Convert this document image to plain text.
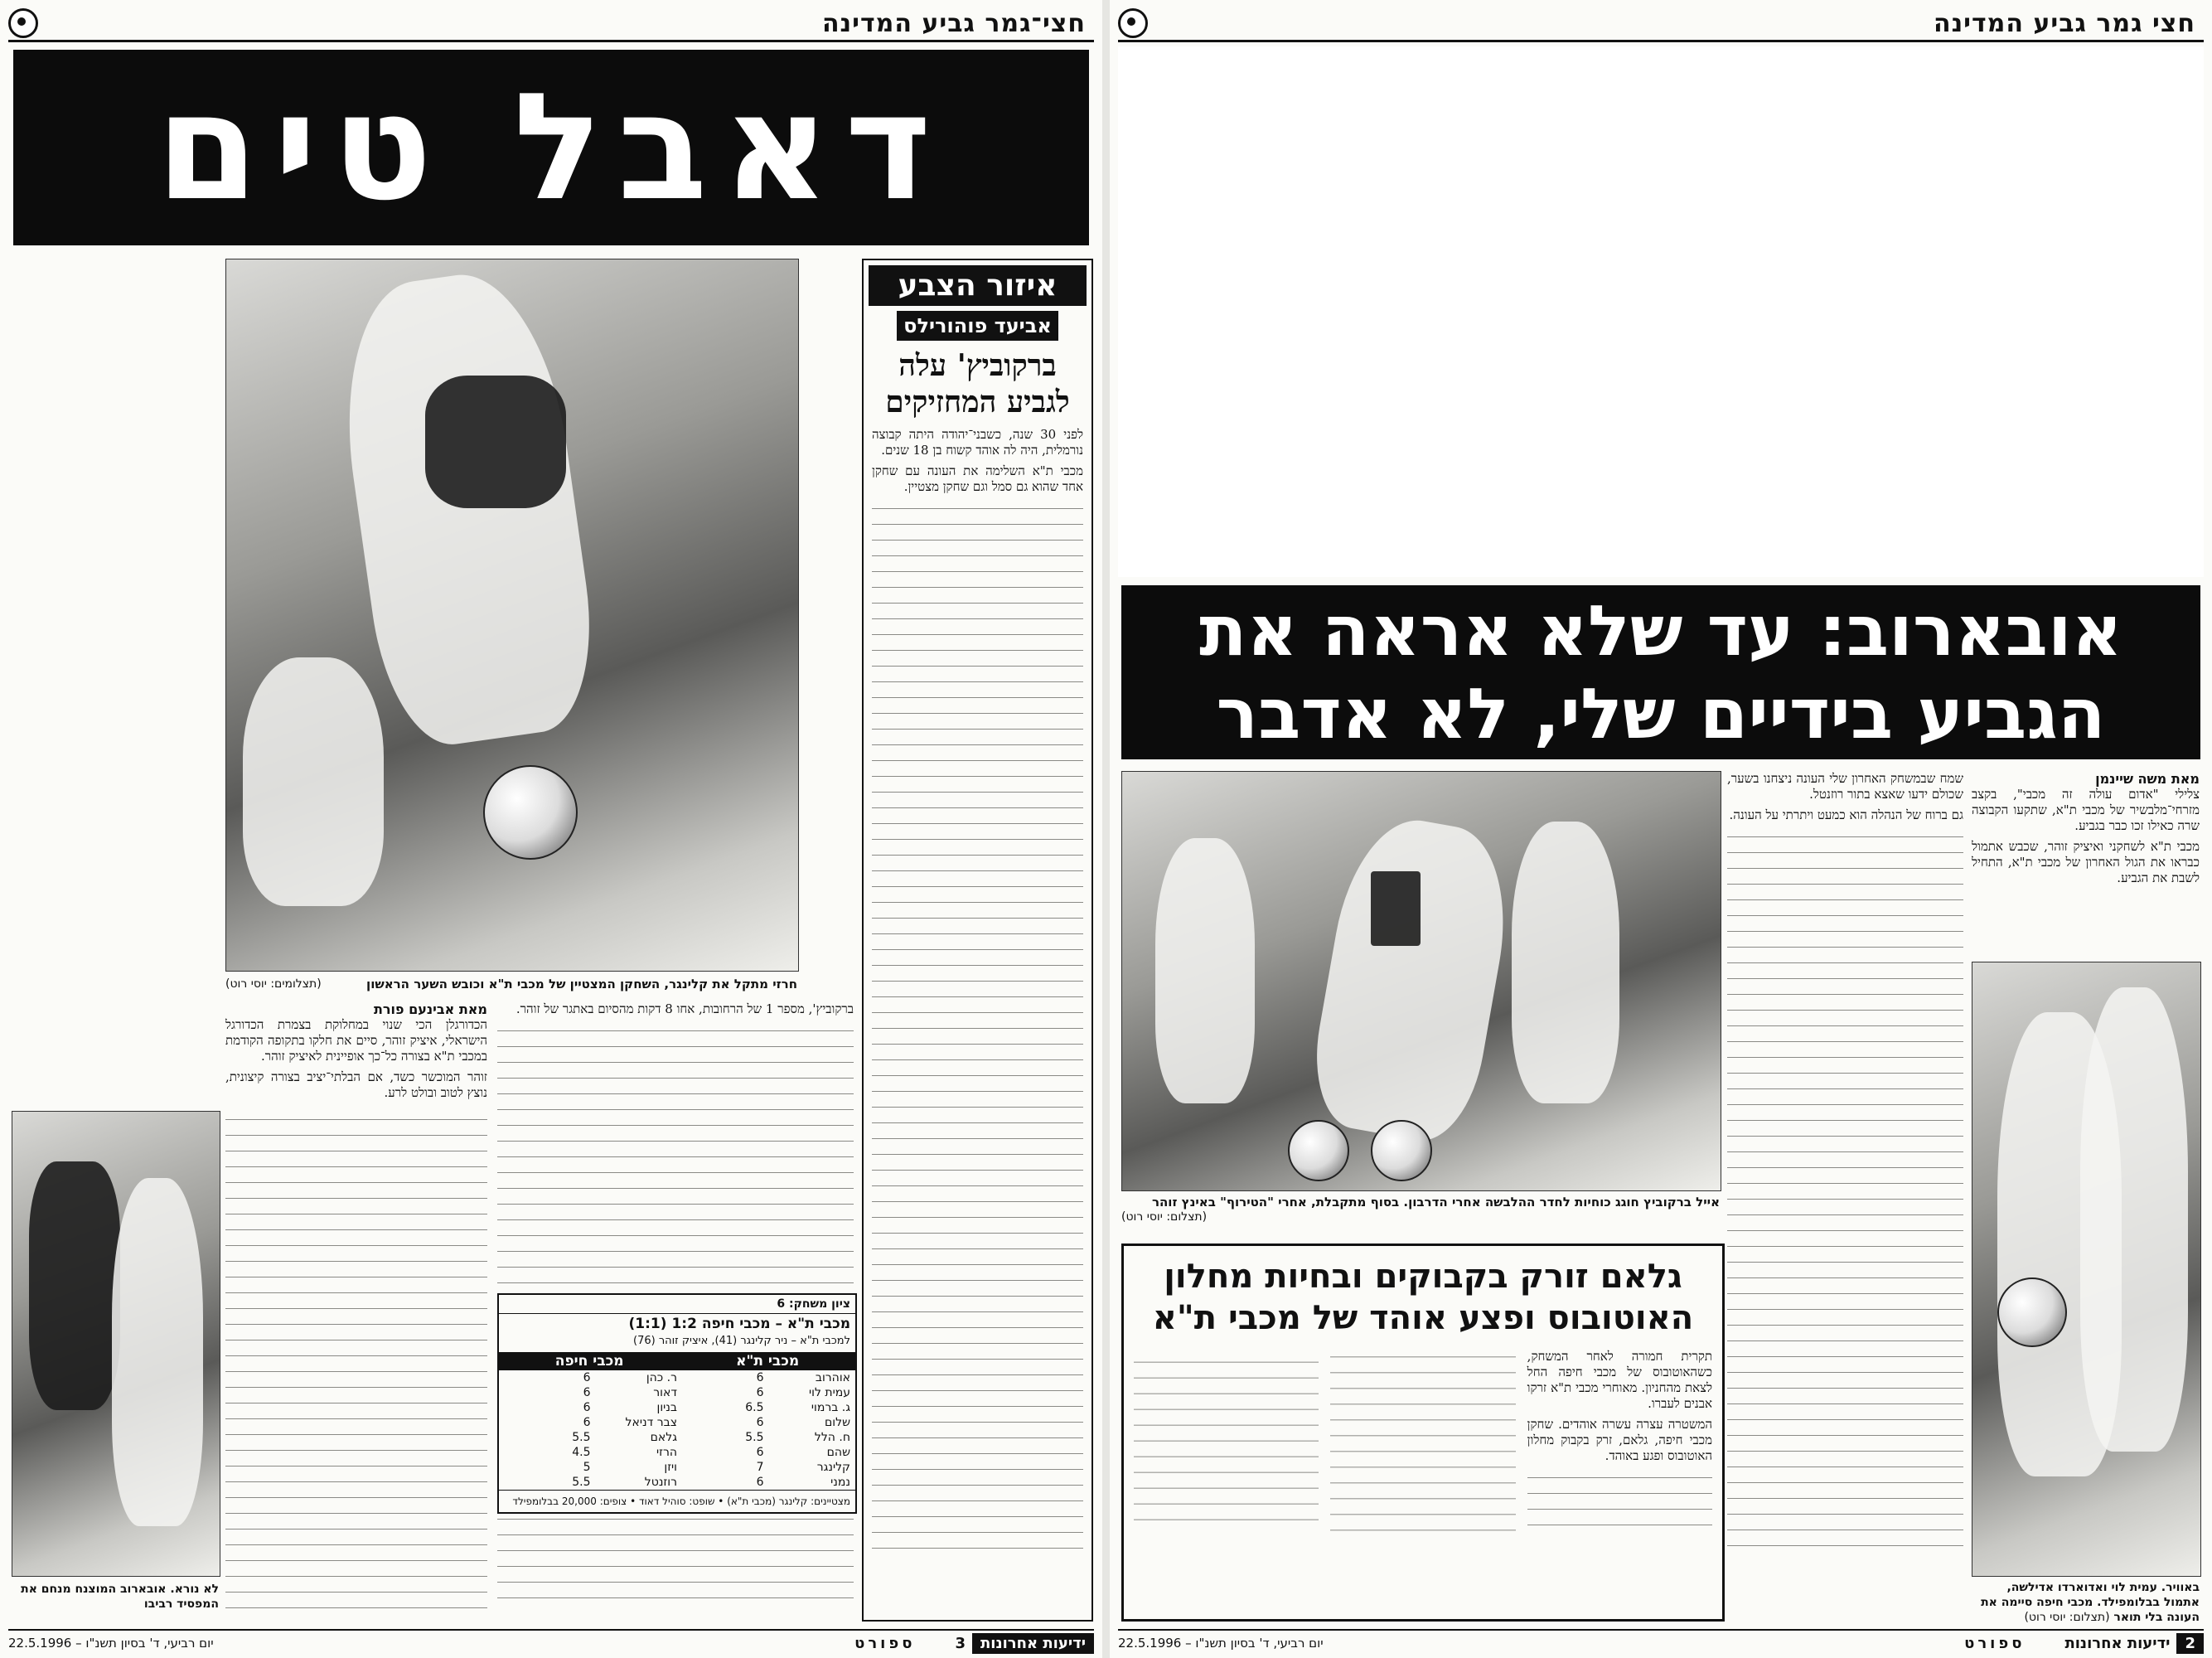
חצי־גמר גביע המדינה
דאבל טים
איזור הצבע
אביעד פוהורילס
ברקוביץ' עלה לגביע המחזיקים

לפני 30 שנה, כשבני־יהודה היתה קבוצה נורמלית, היה לה אוהד קשוח בן 18 שנים.

מכבי ת"א השלימה את העונה עם שחקן אחד שהוא גם סמל וגם שחקן מצטיין.

חרזי מתקל את קלינגר, השחקן המצטיין של מכבי ת"א וכובש השער הראשון
(תצלומים: יוסי רוט)

ברקוביץ', מספר 1 של הרחובות, אחו 8 דקות מהסיום באתגר של זוהר.

לא נורא. אובארוב המוצנח מנחם את המפסיד רביבו
מאת אבינעם פורת

הכדורגלן הכי שנוי במחלוקת בצמרת הכדורגל הישראלי, איציק זוהר, סיים את חלקו בתקופה הקודמת במכבי ת"א בצורה כל־כך אופיינית לאיציק זוהר.

זוהר המוכשר כשד, אם הבלתי־יציב בצורה קיצונית, נוצץ לטוב ובולט לרע.

ידיעות אחרונות
3
ספורט
יום רביעי, ד' בסיון תשנ"ו – 22.5.1996
ציון משחק: 6
מכבי ת"א – מכבי חיפה 1:2 (1:1)
למכבי ת"א – ניר קלינגר (41), איציק זוהר (76)
מכבי ת"א
מכבי חיפה
אוהרוב
6
ר. כהן
6
עמית לוי
6
דאור
6
ג. ברמוי
6.5
בניון
6
שלום
6
צבר דניאל
6
ח. הלל
5.5
גלאם
5.5
שהם
6
הרזי
4.5
קלינגר
7
ויזן
5
נמני
6
רוזנטל
5.5
מצטיינים: קלינגר (מכבי ת"א) • שופט: סוהיל דאוד • צופים: 20,000 בבלומפילד
חצי גמר גביע המדינה
אובארוב: עד שלא אראה את הגביע בידיים שלי, לא אדבר
מאת משה שיינמן

צלילי "אדום עולה זה מכבי", בקצב מזרחי־מלבשיר של מכבי ת"א, שתקעו הקבוצה שרה כאילו זכו כבר בגביע.

מכבי ת"א לשחקני ואיציק זוהר, שכבש אתמול כבראו את הגול האחרון של מכבי ת"א, התחיל לשבת את הגביע.

שמח שבמשחק האחרון שלי העונה ניצחנו בשער, שכולם ידעו שאצא בתור רוזנטל.

גם ברוח של הנהלה הוא כמעט ויתרתי על העונה.

אייל ברקוביץ חוגג כוחיות לחדר ההלבשה אחרי הדרבון. בסוף מתקבלת, אחרי "הטירוף" באינץ זוהר
(תצלום: יוסי רוט)
באוויר. עמית לוי ואדוארדו אדילשה, אתמול בבלומפילד. מכבי חיפה סיימה את העונה בלי תואר (תצלום: יוסי רוט)
גלאם זורק בקבוקים ובחיות מחלון האוטובוס ופצע אוהד של מכבי ת"א

תקרית חמורה לאחר המשחק, כשהאוטובוס של מכבי חיפה החל לצאת מהחניון. מאוחרי מכבי ת"א זרקו אבנים לעברו.

המשטרה עצרה עשרה אוהדים. שחקן מכבי חיפה, גלאם, זרק בקבוק מחלון האוטובוס ופגע באוהד.

2
ידיעות אחרונות
ספורט
יום רביעי, ד' בסיון תשנ"ו – 22.5.1996
